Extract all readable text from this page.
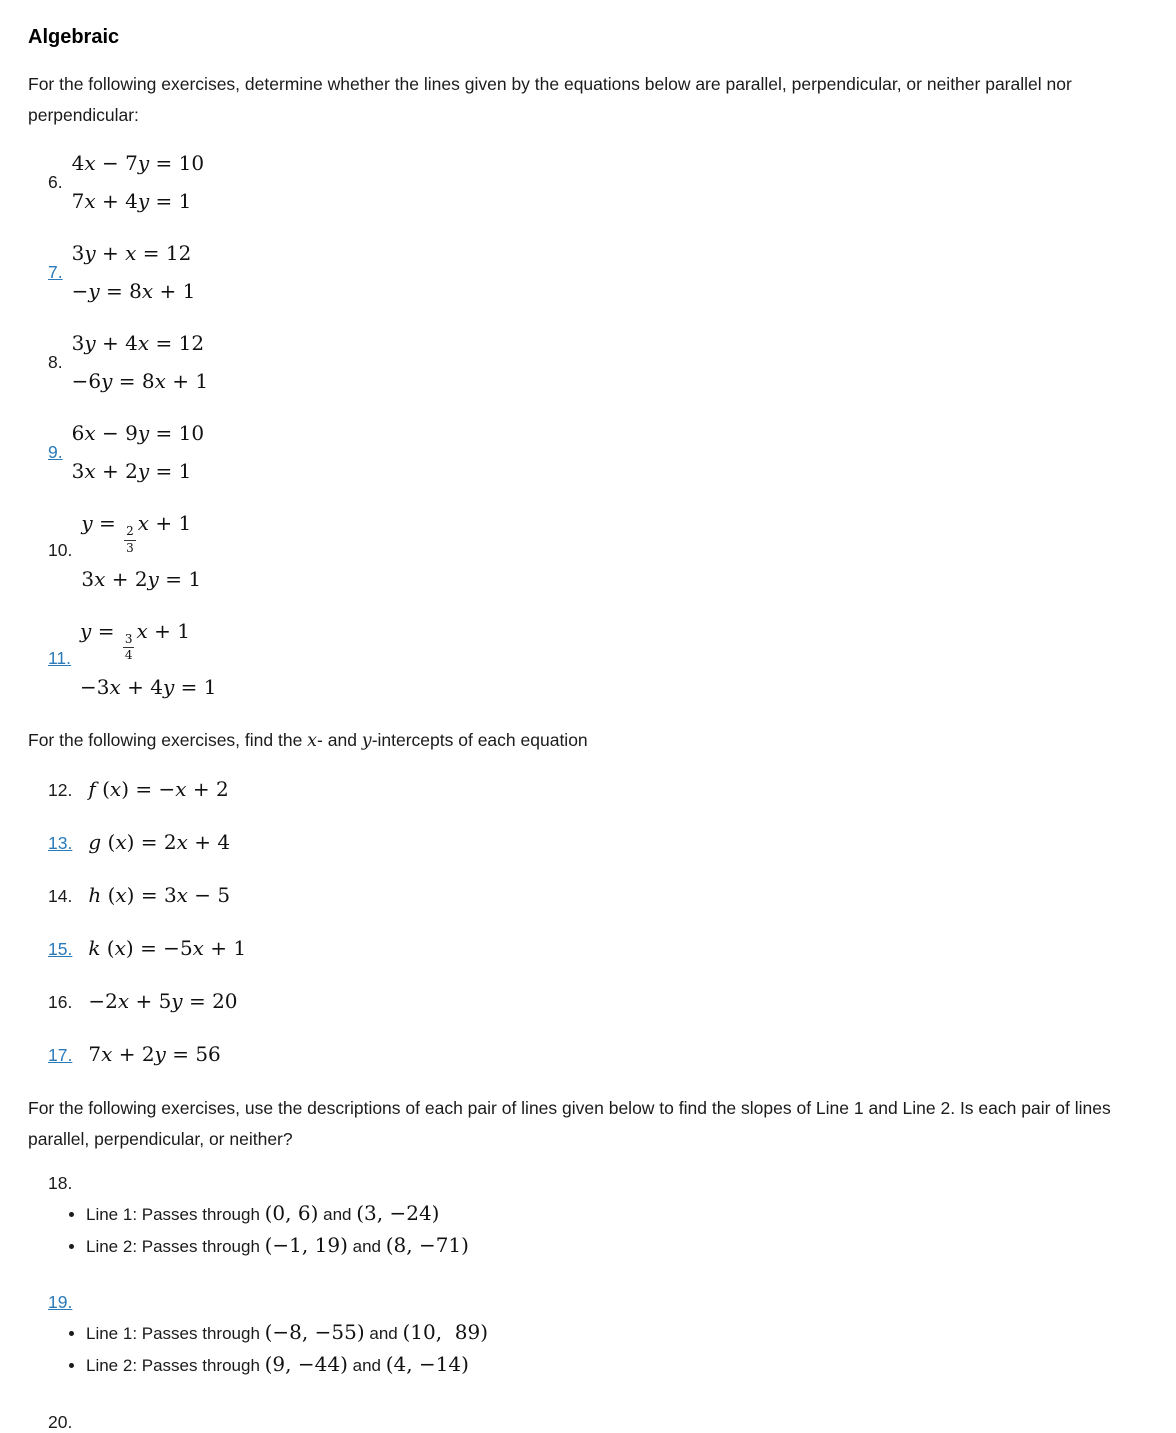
Algebraic

For the following exercises, determine whether the lines given by the equations below are parallel, perpendicular, or neither parallel nor perpendicular:

6.
4x − 7y = 10
7x + 4y = 1
7.
3y + x = 12
−y = 8x + 1
8.
3y + 4x = 12
−6y = 8x + 1
9.
6x − 9y = 10
3x + 2y = 1
10.
y =
$\frac{2}{3}$
x + 1
3x + 2y = 1
11.
y =
$\frac{3}{4}$
x + 1
−3x + 4y = 1

For the following exercises, find the x- and y-intercepts of each equation

12. f (x) = −x + 2
13. g (x) = 2x + 4
14. h (x) = 3x − 5
15. k (x) = −5x + 1
16. −2x + 5y = 20
17. 7x + 2y = 56

For the following exercises, use the descriptions of each pair of lines given below to find the slopes of Line 1 and Line 2. Is each pair of lines parallel, perpendicular, or neither?

18.
• Line 1: Passes through (0, 6) and (3, −24)
• Line 2: Passes through (−1, 19) and (8, −71)
19.
• Line 1: Passes through (−8, −55) and (10,  89)
• Line 2: Passes through (9, −44) and (4, −14)
20.
